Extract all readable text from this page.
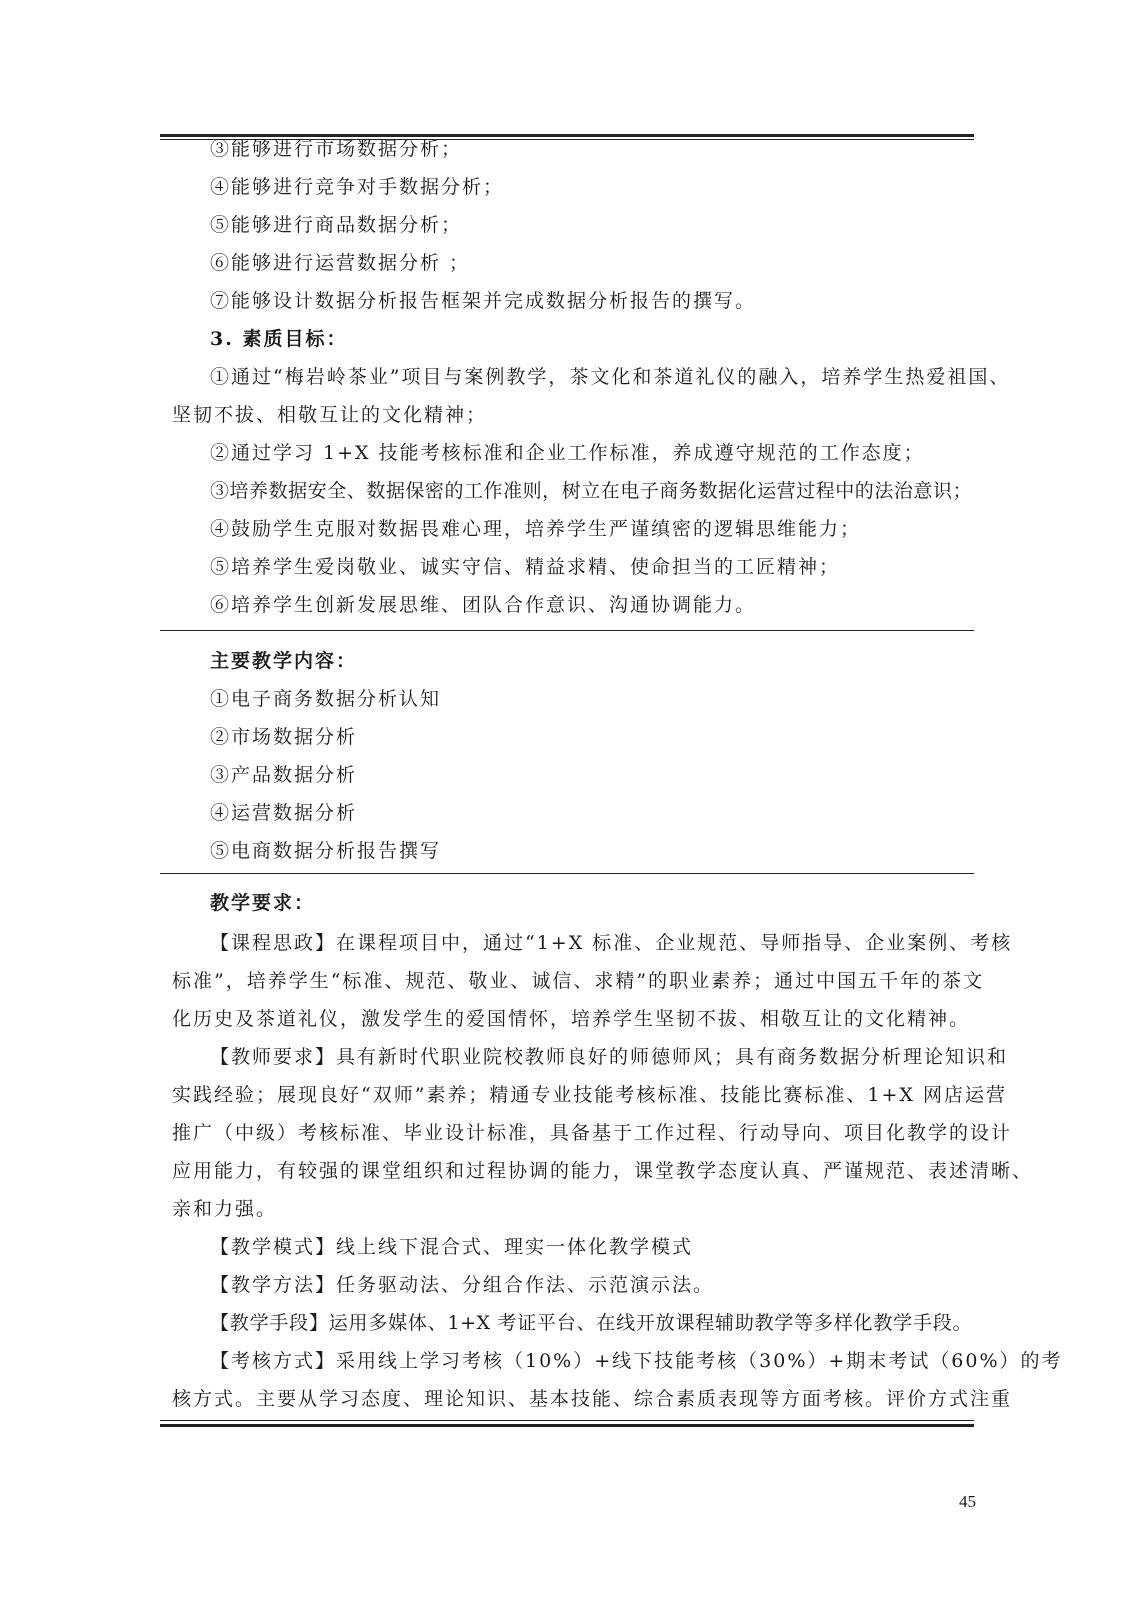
③能够进行市场数据分析；
④能够进行竞争对手数据分析；
⑤能够进行商品数据分析；
⑥能够进行运营数据分析 ；
⑦能够设计数据分析报告框架并完成数据分析报告的撰写。
3. 素质目标：
①通过“梅岩岭茶业”项目与案例教学，茶文化和茶道礼仪的融入，培养学生热爱祖国、
坚韧不拔、相敬互让的文化精神；
②通过学习 1+X 技能考核标准和企业工作标准，养成遵守规范的工作态度；
③培养数据安全、数据保密的工作准则，树立在电子商务数据化运营过程中的法治意识；
④鼓励学生克服对数据畏难心理，培养学生严谨缜密的逻辑思维能力；
⑤培养学生爱岗敬业、诚实守信、精益求精、使命担当的工匠精神；
⑥培养学生创新发展思维、团队合作意识、沟通协调能力。
主要教学内容：
①电子商务数据分析认知
②市场数据分析
③产品数据分析
④运营数据分析
⑤电商数据分析报告撰写
教学要求：
【课程思政】在课程项目中，通过“1+X 标准、企业规范、导师指导、企业案例、考核
标准”，培养学生“标准、规范、敬业、诚信、求精”的职业素养；通过中国五千年的茶文
化历史及茶道礼仪，激发学生的爱国情怀，培养学生坚韧不拔、相敬互让的文化精神。
【教师要求】具有新时代职业院校教师良好的师德师风；具有商务数据分析理论知识和
实践经验；展现良好“双师”素养；精通专业技能考核标准、技能比赛标准、1+X 网店运营
推广（中级）考核标准、毕业设计标准，具备基于工作过程、行动导向、项目化教学的设计
应用能力，有较强的课堂组织和过程协调的能力，课堂教学态度认真、严谨规范、表述清晰、
亲和力强。
【教学模式】线上线下混合式、理实一体化教学模式
【教学方法】任务驱动法、分组合作法、示范演示法。
【教学手段】运用多媒体、1+X 考证平台、在线开放课程辅助教学等多样化教学手段。
【考核方式】采用线上学习考核（10%）+线下技能考核（30%）+期末考试（60%）的考
核方式。主要从学习态度、理论知识、基本技能、综合素质表现等方面考核。评价方式注重
45
